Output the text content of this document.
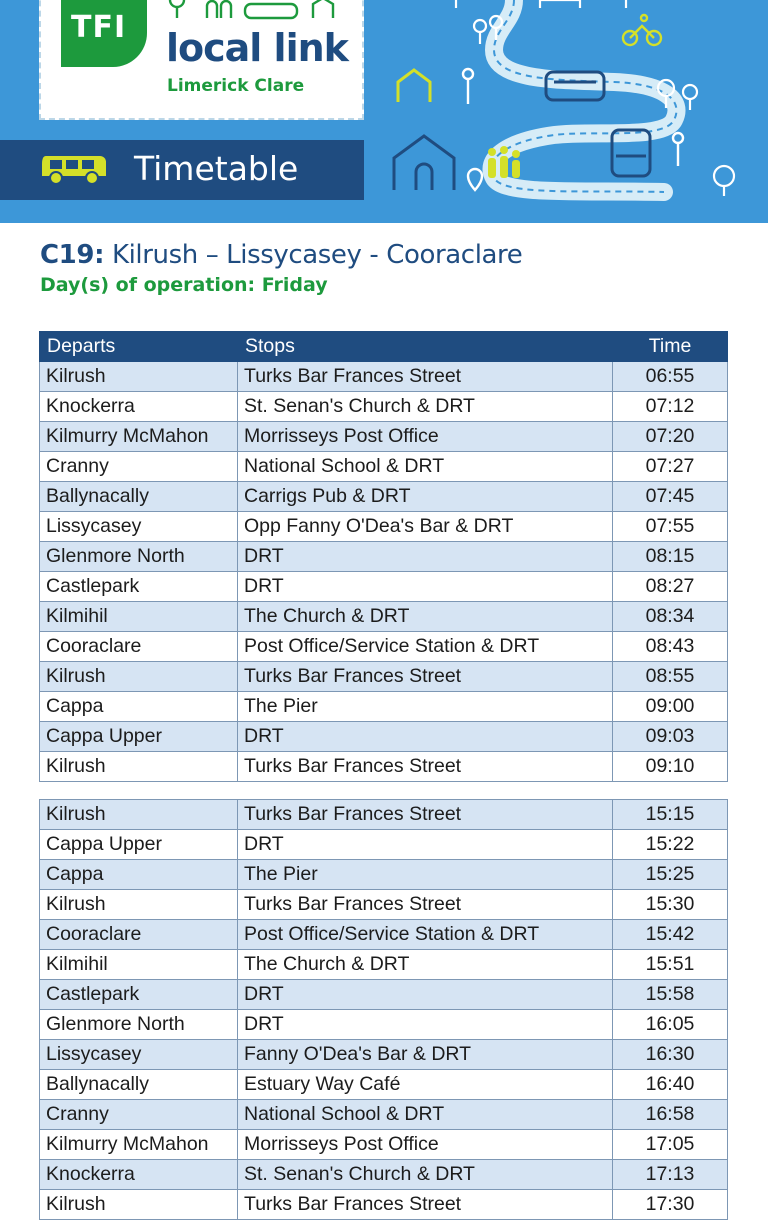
TFI local link
Limerick Clare
Timetable
C19: Kilrush – Lissycasey - Cooraclare
Day(s) of operation: Friday
Departs	Stops	Time
Kilrush	Turks Bar Frances Street	06:55
Knockerra	St. Senan's Church & DRT	07:12
Kilmurry McMahon	Morrisseys Post Office	07:20
Cranny	National School & DRT	07:27
Ballynacally	Carrigs Pub & DRT	07:45
Lissycasey	Opp Fanny O'Dea's Bar & DRT	07:55
Glenmore North	DRT	08:15
Castlepark	DRT	08:27
Kilmihil	The Church & DRT	08:34
Cooraclare	Post Office/Service Station & DRT	08:43
Kilrush	Turks Bar Frances Street	08:55
Cappa	The Pier	09:00
Cappa Upper	DRT	09:03
Kilrush	Turks Bar Frances Street	09:10
Kilrush	Turks Bar Frances Street	15:15
Cappa Upper	DRT	15:22
Cappa	The Pier	15:25
Kilrush	Turks Bar Frances Street	15:30
Cooraclare	Post Office/Service Station & DRT	15:42
Kilmihil	The Church & DRT	15:51
Castlepark	DRT	15:58
Glenmore North	DRT	16:05
Lissycasey	Fanny O'Dea's Bar & DRT	16:30
Ballynacally	Estuary Way Café	16:40
Cranny	National School & DRT	16:58
Kilmurry McMahon	Morrisseys Post Office	17:05
Knockerra	St. Senan's Church & DRT	17:13
Kilrush	Turks Bar Frances Street	17:30
